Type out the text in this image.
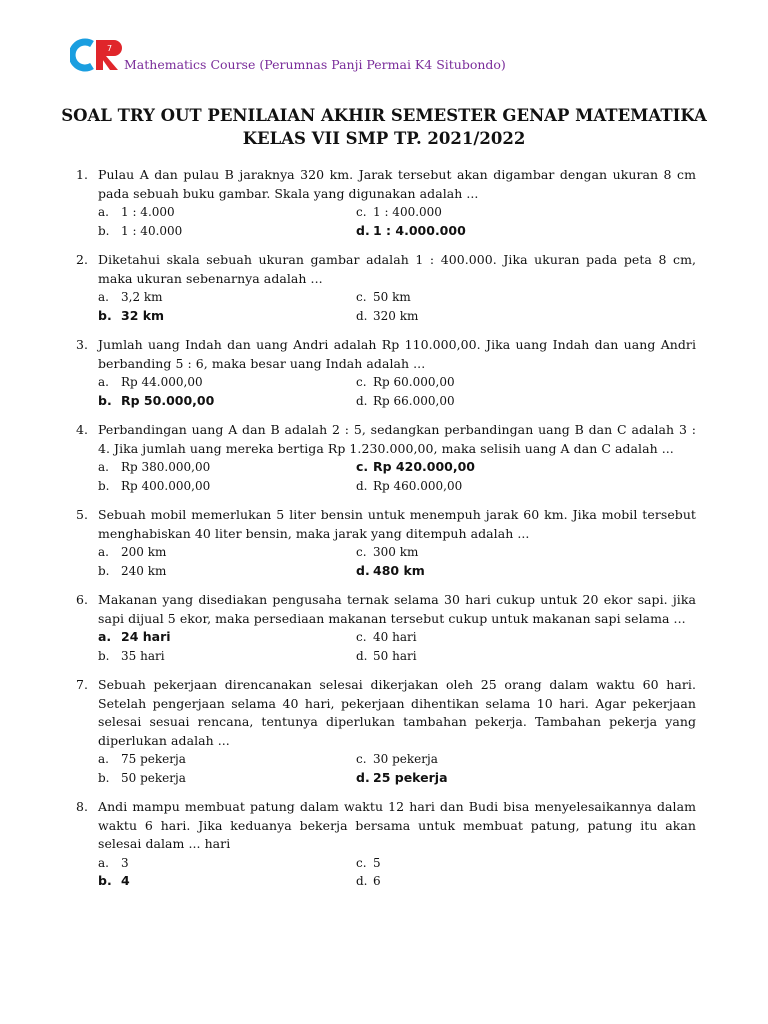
7
Mathematics Course (Perumnas Panji Permai K4 Situbondo)
SOAL TRY OUT PENILAIAN AKHIR SEMESTER GENAP MATEMATIKA
KELAS VII SMP TP. 2021/2022
1. Pulau A dan pulau B jaraknya 320 km. Jarak tersebut akan digambar dengan ukuran 8 cm pada sebuah buku gambar. Skala yang digunakan adalah ...
a.	1 : 4.000	c. 1 : 400.000
b. 1 : 40.000	d. 1 : 4.000.000
2. Diketahui skala sebuah ukuran gambar adalah 1 : 400.000. Jika ukuran pada peta 8 cm, maka ukuran sebenarnya adalah ...
a.	3,2 km	c. 50 km
b. 32 km	d. 320 km
3. Jumlah uang Indah dan uang Andri adalah Rp 110.000,00. Jika uang Indah dan uang Andri berbanding 5 : 6, maka besar uang Indah adalah ...
a.	Rp 44.000,00	c. Rp 60.000,00
b. Rp 50.000,00	d. Rp 66.000,00
4. Perbandingan uang A dan B adalah 2 : 5, sedangkan perbandingan uang B dan C adalah 3 : 4. Jika jumlah uang mereka bertiga Rp 1.230.000,00, maka selisih uang A dan C adalah ...
a.	Rp 380.000,00	c. Rp 420.000,00
b. Rp 400.000,00	d. Rp 460.000,00
5. Sebuah mobil memerlukan 5 liter bensin untuk menempuh jarak 60 km. Jika mobil tersebut menghabiskan 40 liter bensin, maka jarak yang ditempuh adalah ...
a.	200 km	c. 300 km
b. 240 km	d. 480 km
6. Makanan yang disediakan pengusaha ternak selama 30 hari cukup untuk 20 ekor sapi. jika sapi dijual 5 ekor, maka persediaan makanan tersebut cukup untuk makanan sapi selama ...
a. 24 hari	c. 40 hari
b. 35 hari	d. 50 hari
7. Sebuah pekerjaan direncanakan selesai dikerjakan oleh 25 orang dalam waktu 60 hari. Setelah pengerjaan selama 40 hari, pekerjaan dihentikan selama 10 hari. Agar pekerjaan selesai sesuai rencana, tentunya diperlukan tambahan pekerja. Tambahan pekerja yang diperlukan adalah ...
a.	75 pekerja	c. 30 pekerja
b. 50 pekerja	d. 25 pekerja
8. Andi mampu membuat patung dalam waktu 12 hari dan Budi bisa menyelesaikannya dalam waktu 6 hari. Jika keduanya bekerja bersama untuk membuat patung, patung itu akan selesai dalam ... hari
a.	3	c. 5
b. 4	d. 6
